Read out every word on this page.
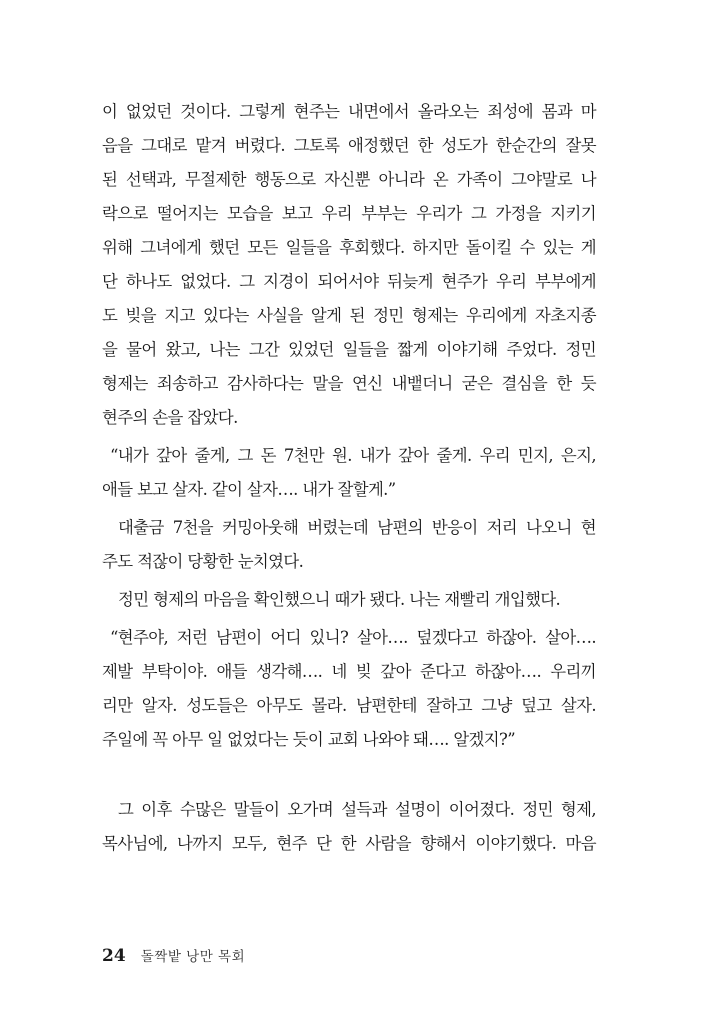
이 없었던 것이다. 그렇게 현주는 내면에서 올라오는 죄성에 몸과 마
음을 그대로 맡겨 버렸다. 그토록 애정했던 한 성도가 한순간의 잘못
된 선택과, 무절제한 행동으로 자신뿐 아니라 온 가족이 그야말로 나
락으로 떨어지는 모습을 보고 우리 부부는 우리가 그 가정을 지키기
위해 그녀에게 했던 모든 일들을 후회했다. 하지만 돌이킬 수 있는 게
단 하나도 없었다. 그 지경이 되어서야 뒤늦게 현주가 우리 부부에게
도 빚을 지고 있다는 사실을 알게 된 정민 형제는 우리에게 자초지종
을 물어 왔고, 나는 그간 있었던 일들을 짧게 이야기해 주었다. 정민
형제는 죄송하고 감사하다는 말을 연신 내뱉더니 굳은 결심을 한 듯
현주의 손을 잡았다.
“내가 갚아 줄게, 그 돈 7천만 원. 내가 갚아 줄게. 우리 민지, 은지,
애들 보고 살자. 같이 살자…. 내가 잘할게.”
대출금 7천을 커밍아웃해 버렸는데 남편의 반응이 저리 나오니 현
주도 적잖이 당황한 눈치였다.
정민 형제의 마음을 확인했으니 때가 됐다. 나는 재빨리 개입했다.
“현주야, 저런 남편이 어디 있니? 살아…. 덮겠다고 하잖아. 살아….
제발 부탁이야. 애들 생각해…. 네 빚 갚아 준다고 하잖아…. 우리끼
리만 알자. 성도들은 아무도 몰라. 남편한테 잘하고 그냥 덮고 살자.
주일에 꼭 아무 일 없었다는 듯이 교회 나와야 돼…. 알겠지?”
그 이후 수많은 말들이 오가며 설득과 설명이 이어졌다. 정민 형제,
목사님에, 나까지 모두, 현주 단 한 사람을 향해서 이야기했다. 마음
24 돌짝밭 낭만 목회
